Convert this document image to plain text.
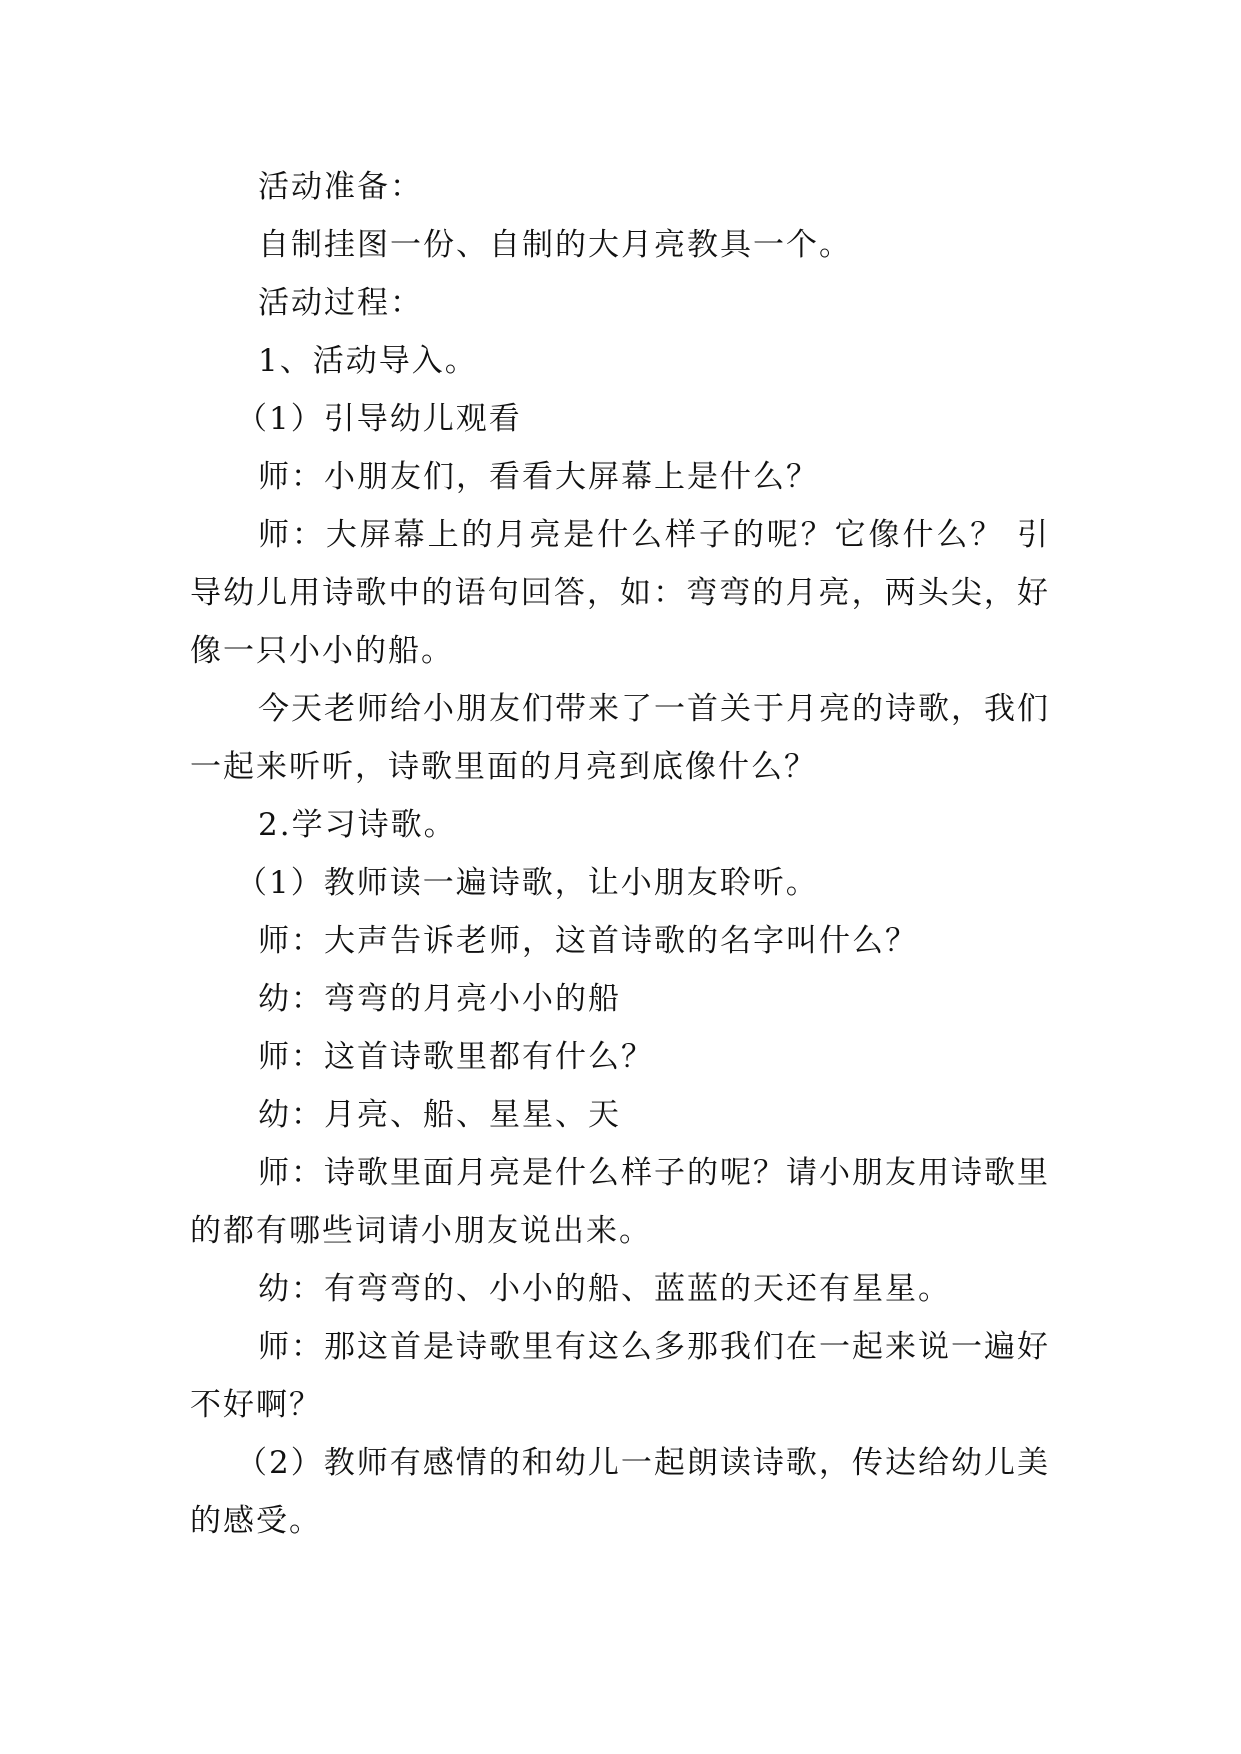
活动准备：

自制挂图一份、自制的大月亮教具一个。

活动过程：

1、活动导入。

（1）引导幼儿观看

师：小朋友们，看看大屏幕上是什么？

师：大屏幕上的月亮是什么样子的呢？它像什么？ 引导幼儿用诗歌中的语句回答，如：弯弯的月亮，两头尖，好像一只小小的船。

今天老师给小朋友们带来了一首关于月亮的诗歌，我们一起来听听，诗歌里面的月亮到底像什么？

2.学习诗歌。

（1）教师读一遍诗歌，让小朋友聆听。

师：大声告诉老师，这首诗歌的名字叫什么？

幼：弯弯的月亮小小的船

师：这首诗歌里都有什么？

幼：月亮、船、星星、天

师：诗歌里面月亮是什么样子的呢？请小朋友用诗歌里的都有哪些词请小朋友说出来。

幼：有弯弯的、小小的船、蓝蓝的天还有星星。

师：那这首是诗歌里有这么多那我们在一起来说一遍好不好啊？

（2）教师有感情的和幼儿一起朗读诗歌，传达给幼儿美的感受。
